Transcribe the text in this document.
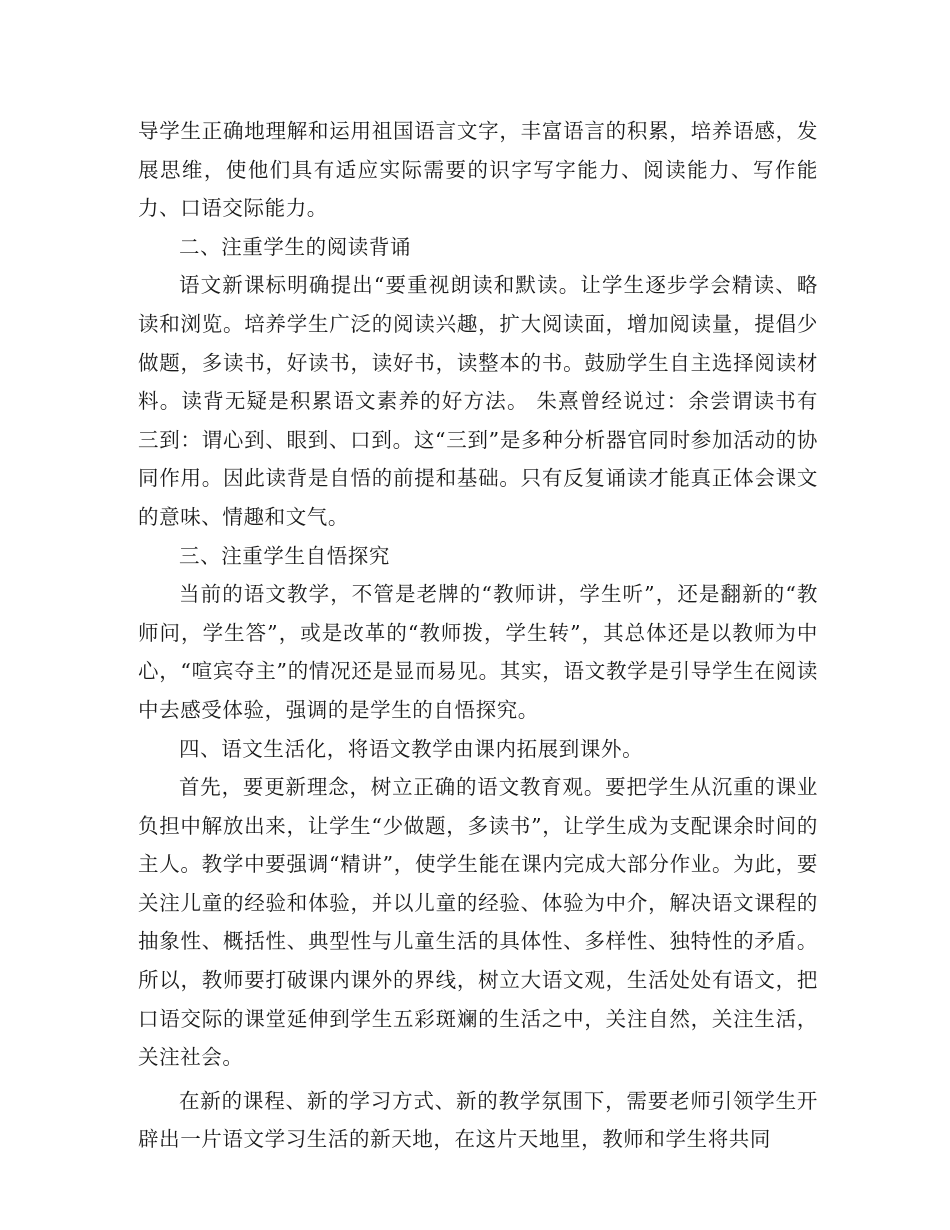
导学生正确地理解和运用祖国语言文字，丰富语言的积累，培养语感，发展思维，使他们具有适应实际需要的识字写字能力、阅读能力、写作能力、口语交际能力。

二、注重学生的阅读背诵

语文新课标明确提出“要重视朗读和默读。让学生逐步学会精读、略读和浏览。培养学生广泛的阅读兴趣，扩大阅读面，增加阅读量，提倡少做题，多读书，好读书，读好书，读整本的书。鼓励学生自主选择阅读材料。读背无疑是积累语文素养的好方法。 朱熹曾经说过：余尝谓读书有三到：谓心到、眼到、口到。这“三到”是多种分析器官同时参加活动的协同作用。因此读背是自悟的前提和基础。只有反复诵读才能真正体会课文的意味、情趣和文气。

三、注重学生自悟探究

当前的语文教学，不管是老牌的“教师讲，学生听”，还是翻新的“教师问，学生答”，或是改革的“教师拨，学生转”，其总体还是以教师为中心，“喧宾夺主”的情况还是显而易见。其实，语文教学是引导学生在阅读中去感受体验，强调的是学生的自悟探究。

四、语文生活化，将语文教学由课内拓展到课外。

首先，要更新理念，树立正确的语文教育观。要把学生从沉重的课业负担中解放出来，让学生“少做题，多读书”，让学生成为支配课余时间的主人。教学中要强调“精讲”，使学生能在课内完成大部分作业。为此，要关注儿童的经验和体验，并以儿童的经验、体验为中介，解决语文课程的抽象性、概括性、典型性与儿童生活的具体性、多样性、独特性的矛盾。所以，教师要打破课内课外的界线，树立大语文观，生活处处有语文，把口语交际的课堂延伸到学生五彩斑斓的生活之中，关注自然，关注生活，关注社会。

在新的课程、新的学习方式、新的教学氛围下，需要老师引领学生开辟出一片语文学习生活的新天地，在这片天地里，教师和学生将共同
